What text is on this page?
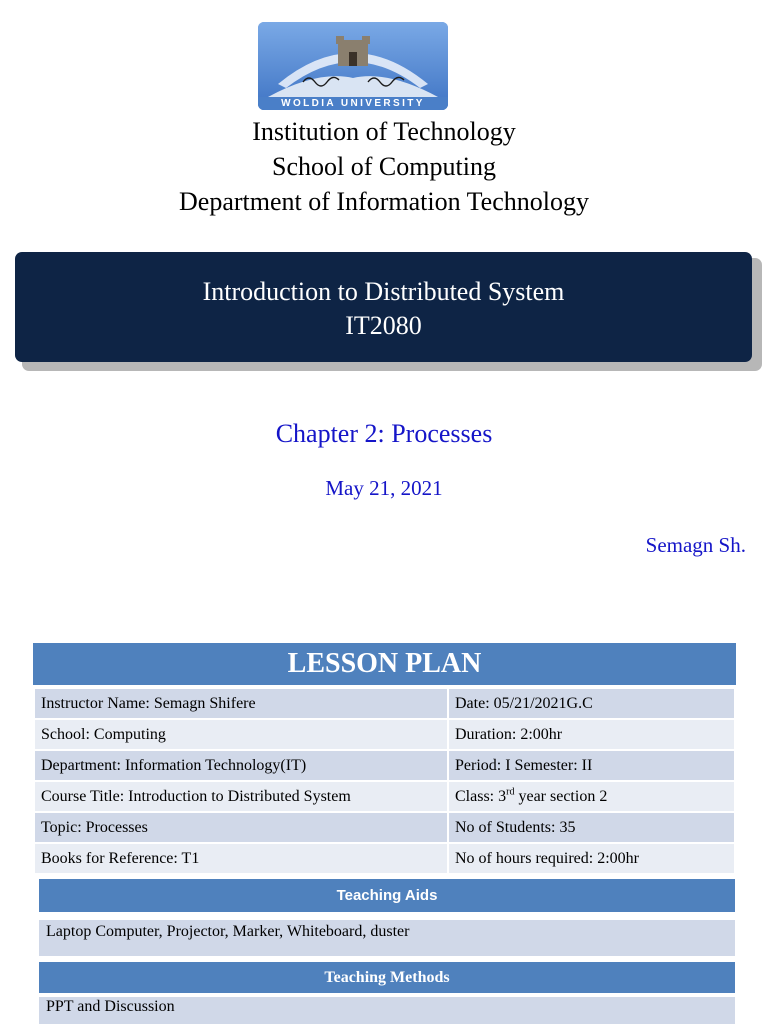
WOLDIA UNIVERSITY
Institution of Technology
School of Computing
Department of Information Technology
Introduction to Distributed System
IT2080
Chapter 2: Processes
May 21, 2021
Semagn Sh.
LESSON PLAN
Instructor Name: Semagn Shifere	Date: 05/21/2021G.C
School: Computing	Duration: 2:00hr
Department: Information Technology(IT)	Period: I Semester: II
Course Title: Introduction to Distributed System	Class: 3rd year section 2
Topic: Processes	No of Students: 35
Books for Reference: T1	No of hours required: 2:00hr
Teaching Aids
Laptop Computer, Projector, Marker, Whiteboard, duster
Teaching Methods
PPT and Discussion
